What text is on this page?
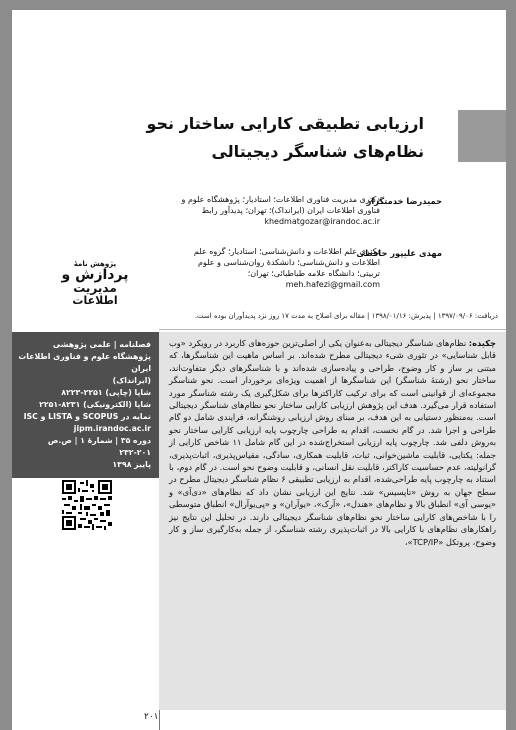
ارزیابی تطبیقی کارایی ساختار نحو
نظام‌های شناسگر دیجیتالی
حمیدرضا خدمتگزار
دکتری مدیریت فناوری اطلاعات؛ استادیار؛ پژوهشگاه علوم و فناوری اطلاعات ایران (ایرانداک)؛ تهران؛ پدیدآور رابط
khedmatgozar@irandoc.ac.ir
مهدی علیپور حافظی
دکتری علم اطلاعات و دانش‌شناسی؛ استادیار؛ گروه علم اطلاعات و دانش‌شناسی؛ دانشکدهٔ روان‌شناسی و علوم تربیتی؛ دانشگاه علامه طباطبائی؛ تهران؛
meh.hafezi@gmail.com
پژوهش نامهٔ
پردازش و
مدیریت
اطلاعات
دریافت: ۱۳۹۷/۰۹/۰۶ | پذیرش: ۱۳۹۸/۰۱/۱۶ | مقاله برای اصلاح به مدت ۱۷ روز نزد پدیدآوران بوده است.
فصلنامه | علمی پژوهشی
پژوهشگاه علوم و فناوری اطلاعات ایران
(ایرانداک)
شاپا (چاپی) ۲۲۵۱-۸۲۲۳
شاپا (الکترونیکی) ۸۲۳۱-۲۲۵۱
نمایه در SCOPUS و LISTA و ISC
jipm.irandoc.ac.ir
دوره ۳۵ | شمارهٔ ۱ | ص.ص ۲۰۱-۲۳۲
پاییز ۱۳۹۸
چکیده: نظام‌های شناسگر دیجیتالی به‌عنوان یکی از اصلی‌ترین حوزه‌های کاربرد در رویکرد «وب قابل شناسایی» در تئوری شیء دیجیتالی مطرح شده‌اند. بر اساس ماهیت این شناسگرها، که مبتنی بر ساز و کار وضوح، طراحی و پیاده‌سازی شده‌اند و با شناسگرهای دیگر متفاوت‌اند، ساختار نحو (رشتهٔ شناسگر) این شناسگرها از اهمیت ویژه‌ای برخوردار است. نحو شناسگر مجموعه‌ای از قوانینی است که برای ترکیب کاراکترها برای شکل‌گیری یک رشته شناسگر مورد استفاده قرار می‌گیرد. هدف این پژوهش ارزیابی کارایی ساختار نحو نظام‌های شناسگر دیجیتالی است. به‌منظور دستیابی به این هدف، بر مبنای روش ارزیابی روشنگرانه، فرایندی شامل دو گام طراحی و اجرا شد. در گام نخست، اقدام به طراحی چارچوب پایه ارزیابی کارایی ساختار نحو به‌روش دلفی شد. چارچوب پایه ارزیابی استخراج‌شده در این گام شامل ۱۱ شاخص کارایی از جمله: یکتایی، قابلیت ماشین‌خوانی، ثبات، قابلیت همکاری، سادگی، مقیاس‌پذیری، اثبات‌پذیری، گرانولیته، عدم حساسیت کاراکتر، قابلیت نقل انسانی، و قابلیت وضوح نحو است. در گام دوم، با استناد به چارچوب پایه طراحی‌شده، اقدام به ارزیابی تطبیقی ۶ نظام شناسگر دیجیتال مطرح در سطح جهان به روش «تاپسیس» شد. نتایج این ارزیابی نشان داد که نظام‌های «دی‌آی» و «یوسی آی» انطباق بالا و نظام‌های «هندل»، «آرک»، «یو‌آران» و «پی‌یوآرال» انطباق متوسطی را با شاخص‌های کارایی ساختار نحو نظام‌های شناسگر دیجیتالی دارند. در تحلیل این نتایج نیز راهکارهای نظام‌های با کارایی بالا در اثبات‌پذیری رشته شناسگر، از جمله به‌کارگیری ساز و کار وضوح، پروتکل «TCP/IP»،
۲۰۱
